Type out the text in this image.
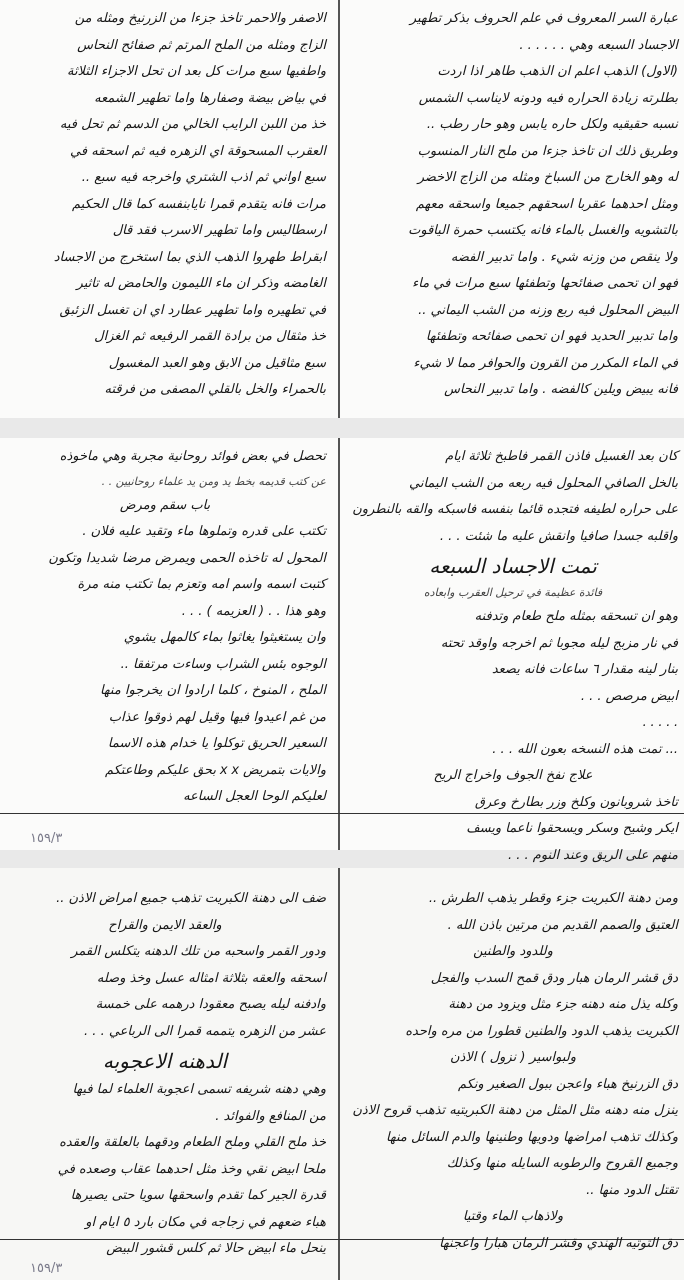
عبارة السر المعروف في علم الحروف بذكر تطهير
الاجساد السبعه وهي . . . . . .
(الاول) الذهب اعلم ان الذهب طاهر اذا اردت
بطلرته زيادة الحراره فيه ودونه لايناسب الشمس
نسبه حقيقيه ولكل حاره يابس وهو حار رطب ..
وطريق ذلك ان تاخذ جزءا من ملح النار المنسوب
له وهو الخارج من السباخ ومثله من الزاج الاخضر
ومثل احدهما عقربا اسحقهم جميعا واسحقه معهم
بالتشويه والغسل بالماء فانه يكتسب حمرة الياقوت
ولا ينقص من وزنه شيء . واما تدبير الفضه
فهو ان تحمى صفائحها وتطفئها سبع مرات في ماء
البيض المحلول فيه ربع وزنه من الشب اليماني ..
واما تدبير الحديد فهو ان تحمى صفائحه وتطفئها
في الماء المكرر من القرون والحوافر مما لا شيء
فانه يبيض ويلين كالفضه . واما تدبير النحاس
الاصفر والاحمر تاخذ جزءا من الزرنيخ ومثله من
الزاج ومثله من الملح المرتم ثم صفائح النحاس
واطفيها سبع مرات كل بعد ان تحل الاجزاء الثلاثة
في بياض بيضة وصفارها واما تطهير الشمعه
خذ من اللبن الرايب الخالي من الدسم ثم تحل فيه
العقرب المسحوقة اي الزهره فيه ثم اسحقه في
سبع اواني ثم اذب الشتري واخرجه فيه سبع ..
مرات فانه يتقدم قمرا نايابنفسه كما قال الحكيم
ارسطاليس واما تطهير الاسرب فقد قال
ابقراط طهروا الذهب الذي بما استخرج من الاجساد
الغامضه وذكر ان ماء الليمون والحامض له تاثير
في تطهيره واما تطهير عطارد اي ان تغسل الزئبق
خذ مثقال من برادة القمر الرفيعه ثم الغزال
سبع مثاقيل من الابق وهو العبد المغسول
بالحمراء والخل بالقلي المصفى من فرقته
كان بعد الغسيل فاذن القمر فاطبخ ثلاثة ايام
بالخل الصافي المحلول فيه ربعه من الشب اليماني
على حراره لطيفه فتجده قائما بنفسه فاسبكه والقه بالنطرون
واقلبه جسدا صافيا وانقش عليه ما شئت . . .
تمت الاجساد السبعه
فائدة عظيمة في ترحيل العقرب وابعاده
وهو ان تسحقه بمثله ملح طعام وتدفنه
في نار مزبج ليله مجوبا ثم اخرجه واوقد تحته
بنار لينه مقدار ٦ ساعات فانه يصعد
ابيض مرصص . . .
. . . . .
... تمت هذه النسخه بعون الله . . .
علاج نفخ الجوف واخراج الريح
تاخذ شروبانون وكلخ وزر بطارخ وعرق
ايكر وشيح وسكر ويسحقوا ناعما ويسف
منهم على الريق وعند النوم . . .
تحصل في بعض فوائد روحانية مجربة وهي ماخوذه
عن كتب قديمه بخط يد ومن يد علماء روحانيين . .
باب سقم ومرض
تكتب على قدره وتملوها ماء وتقيد عليه فلان .
المحول له تاخذه الحمى ويمرض مرضا شديدا وتكون
كتبت اسمه واسم امه وتعزم بما تكتب منه مرة
وهو هذا . . ( العزيمه ) . . .
وان يستغيثوا يغاثوا بماء كالمهل يشوي
الوجوه بئس الشراب وساءت مرتفقا ..
الملح ، المنوخ ، كلما ارادوا ان يخرجوا منها
من غم اعيدوا فيها وقيل لهم ذوقوا عذاب
السعير الحريق توكلوا يا خدام هذه الاسما
والايات بتمريض x x بحق عليكم وطاعتكم
لعليكم الوحا العجل الساعه
١٥٩/٣
ومن دهنة الكبريت جزء وقطر يذهب الطرش ..
العتيق والصمم القديم من مرتين باذن الله .
وللدود والطنين
دق قشر الرمان هبار ودق قمح السدب والفجل
وكله يذل منه دهنه جزء مثل ويزود من دهنة
الكبريت يذهب الدود والطنين قطورا من مره واحده
ولبواسير ( نزول ) الاذن
دق الزرنيخ هباء واعجن ببول الصغير ونكم
ينزل منه دهنه مثل المثل من دهنة الكبريتيه تذهب قروح الاذن
وكذلك تذهب امراضها ودويها وطنينها والدم السائل منها
وجميع القروح والرطوبه السايله منها وكذلك
تقتل الدود منها ..
ولاذهاب الماء وقتيا
دق التوتيه الهندي وقشر الرمان هبارا واعجنها
ضف الى دهنة الكبريت تذهب جميع امراض الاذن ..
والعقد الايمن والقراح
ودور القمر واسحبه من تلك الدهنه يتكلس القمر
اسحقه والعقه بثلاثة امثاله عسل وخذ وصله
وادفنه ليله يصبح معقودا درهمه على خمسة
عشر من الزهره يتممه قمرا الى الرباعي . . .
الدهنه الاعجوبه
وهي دهنه شريفه تسمى اعجوبة العلماء لما فيها
من المنافع والفوائد .
خذ ملح القلي وملح الطعام ودقهما بالعلقة والعقده
ملحا ابيض نقي وخذ مثل احدهما عقاب وصعده في
قدرة الجير كما تقدم واسحقها سويا حتى يصيرها
هباء ضعهم في زجاجه في مكان بارد ٥ ايام او
ينحل ماء ابيض حالا ثم كلس قشور البيض
١٥٩/٣
